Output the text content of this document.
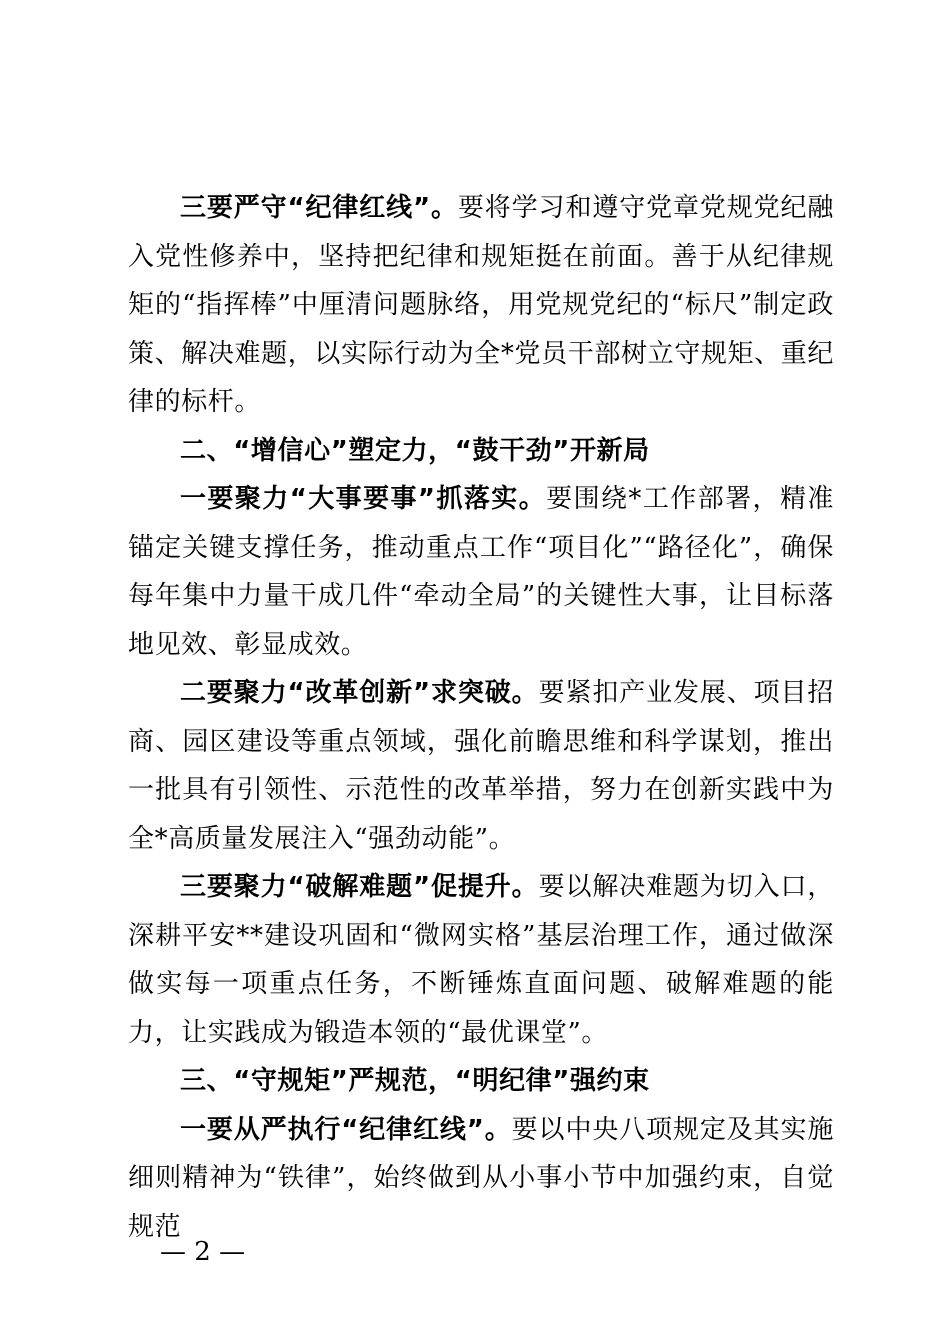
三要严守“纪律红线”。要将学习和遵守党章党规党纪融入党性修养中，坚持把纪律和规矩挺在前面。善于从纪律规矩的“指挥棒”中厘清问题脉络，用党规党纪的“标尺”制定政策、解决难题，以实际行动为全*党员干部树立守规矩、重纪律的标杆。

二、“增信心”塑定力，“鼓干劲”开新局

一要聚力“大事要事”抓落实。要围绕*工作部署，精准锚定关键支撑任务，推动重点工作“项目化”“路径化”，确保每年集中力量干成几件“牵动全局”的关键性大事，让目标落地见效、彰显成效。

二要聚力“改革创新”求突破。要紧扣产业发展、项目招商、园区建设等重点领域，强化前瞻思维和科学谋划，推出一批具有引领性、示范性的改革举措，努力在创新实践中为全*高质量发展注入“强劲动能”。

三要聚力“破解难题”促提升。要以解决难题为切入口，深耕平安**建设巩固和“微网实格”基层治理工作，通过做深做实每一项重点任务，不断锤炼直面问题、破解难题的能力，让实践成为锻造本领的“最优课堂”。

三、“守规矩”严规范，“明纪律”强约束

一要从严执行“纪律红线”。要以中央八项规定及其实施细则精神为“铁律”，始终做到从小事小节中加强约束，自觉规范

— 2 —
